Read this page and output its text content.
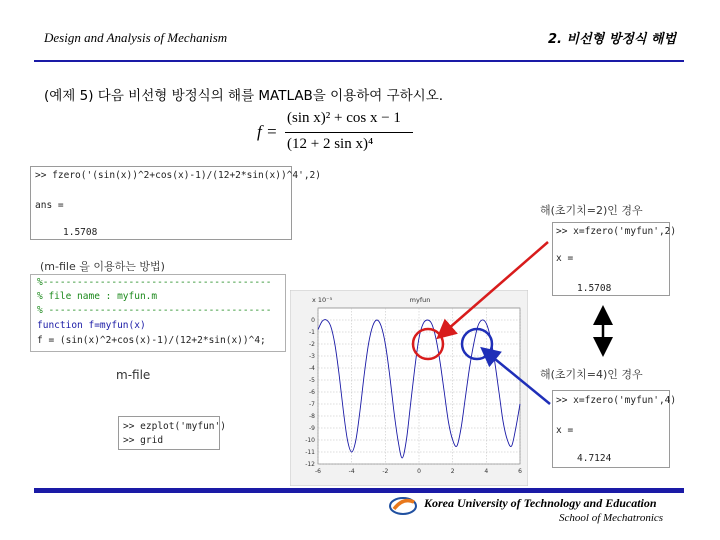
Design and Analysis of Mechanism	2. 비선형 방정식 해법
(예제 5) 다음 비선형 방정식의 해를 MATLAB을 이용하여 구하시오.
f =
(sin x)² + cos x − 1
(12 + 2 sin x)⁴
>> fzero('(sin(x))^2+cos(x)-1)/(12+2*sin(x))^4',2)
ans =
1.5708
(m-file 을 이용하는 방법)
%----------------------------------------
% file name : myfun.m
% ---------------------------------------
function f=myfun(x)
f = (sin(x)^2+cos(x)-1)/(12+2*sin(x))^4;
m-file
>> ezplot('myfun')
>> grid
-6	-4	-2	0	2	4	6
0
-1
-2
-3
-4
-5
-6
-7
-8
-9
-10
-11
-12
x 10⁻⁵	myfun
해(초기치=2)인 경우
>> x=fzero('myfun',2)
x =
1.5708
해(초기치=4)인 경우
>> x=fzero('myfun',4)
x =
4.7124
Korea University of Technology and Education
School of Mechatronics
